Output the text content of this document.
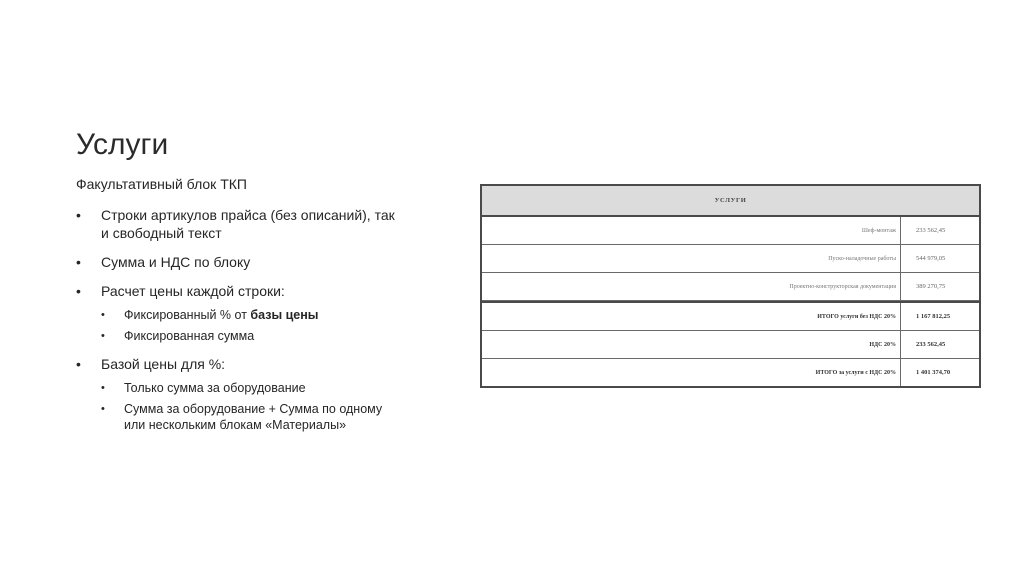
Услуги

Факультативный блок ТКП

• Строки артикулов прайса (без описаний), так и свободный текст
• Сумма и НДС по блоку
• Расчет цены каждой строки:
• Фиксированный % от базы цены
• Фиксированная сумма
• Базой цены для %:
• Только сумма за оборудование
• Сумма за оборудование + Сумма по одному или нескольким блокам «Материалы»
УСЛУГИ
Шеф-монтаж	233 562,45
Пуско-наладочные работы	544 979,05
Проектно-конструкторская документация	389 270,75
ИТОГО услуги без НДС 20%	1 167 812,25
НДС 20%	233 562,45
ИТОГО за услуги с НДС 20%	1 401 374,70
